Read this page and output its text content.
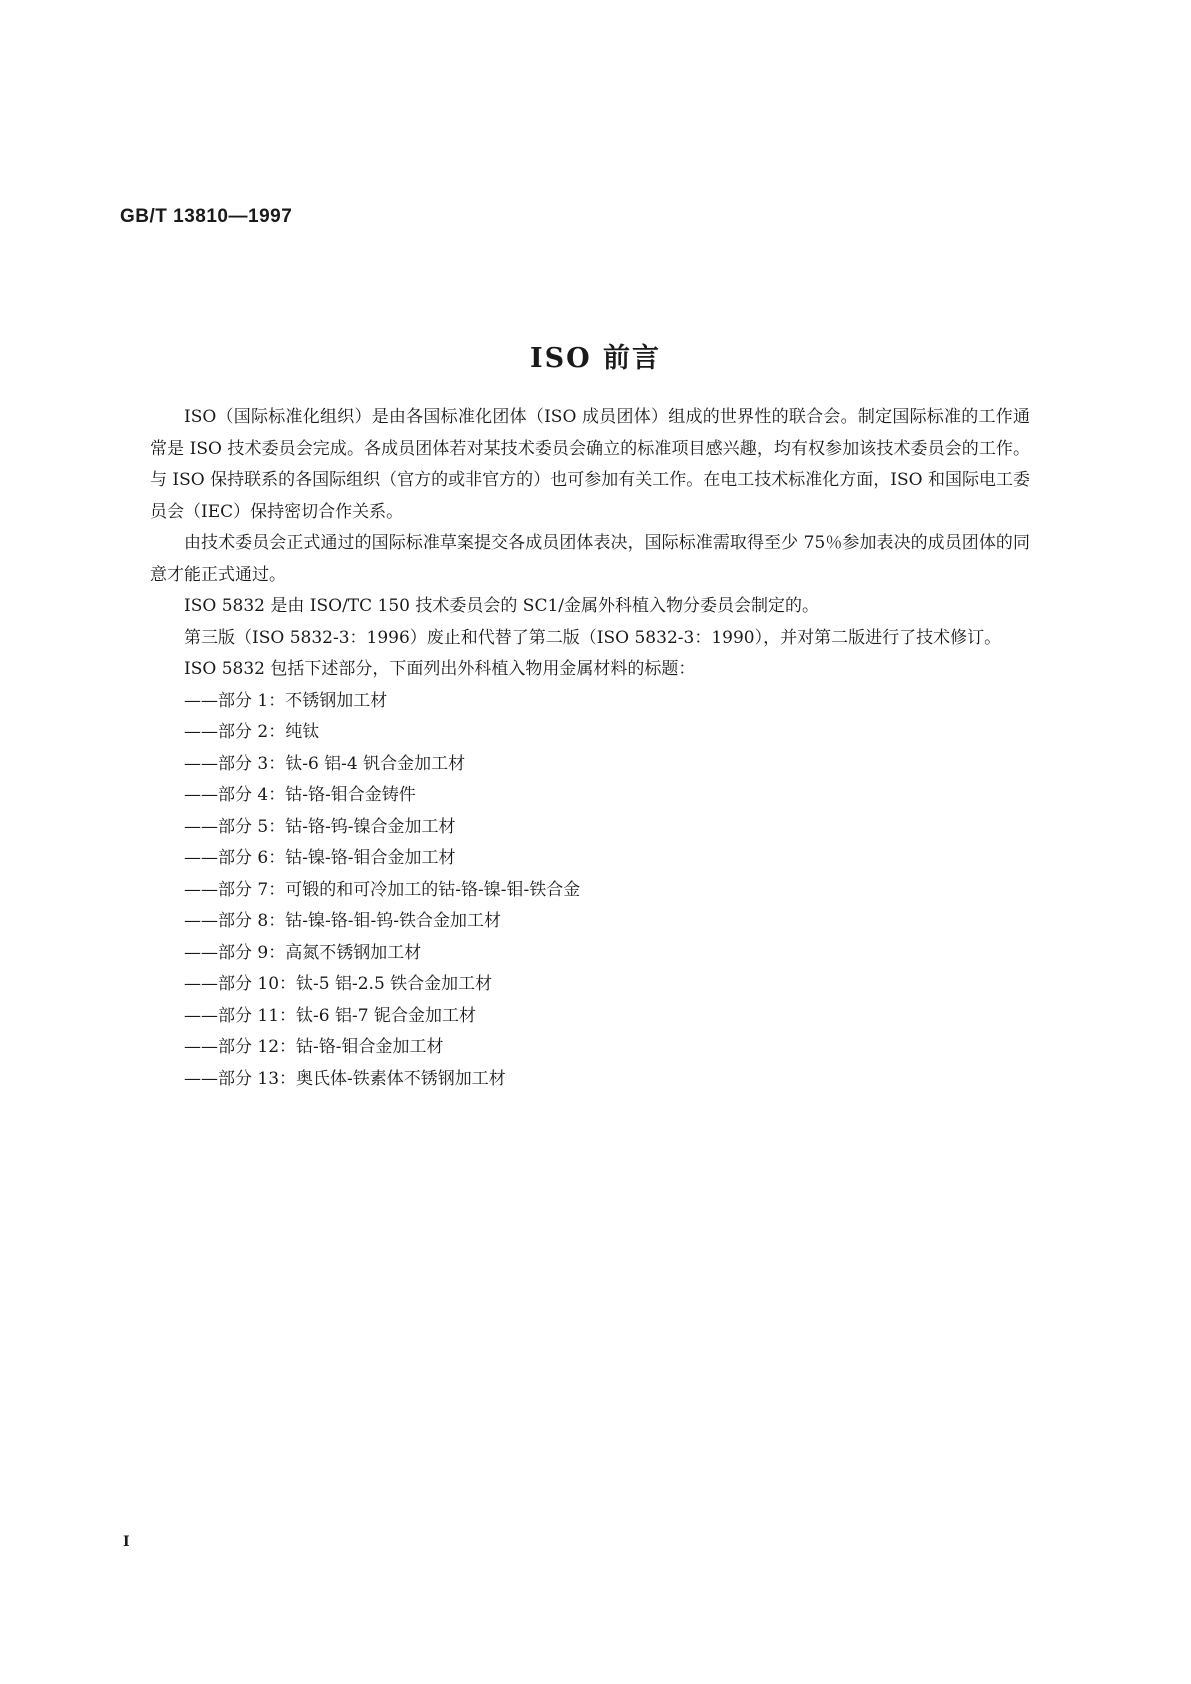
GB/T 13810—1997

ISO 前言

ISO（国际标准化组织）是由各国标准化团体（ISO 成员团体）组成的世界性的联合会。制定国际标准的工作通常是 ISO 技术委员会完成。各成员团体若对某技术委员会确立的标准项目感兴趣，均有权参加该技术委员会的工作。与 ISO 保持联系的各国际组织（官方的或非官方的）也可参加有关工作。在电工技术标准化方面，ISO 和国际电工委员会（IEC）保持密切合作关系。

由技术委员会正式通过的国际标准草案提交各成员团体表决，国际标准需取得至少 75％参加表决的成员团体的同意才能正式通过。

ISO 5832 是由 ISO/TC 150 技术委员会的 SC1/金属外科植入物分委员会制定的。

第三版（ISO 5832-3：1996）废止和代替了第二版（ISO 5832-3：1990），并对第二版进行了技术修订。

ISO 5832 包括下述部分，下面列出外科植入物用金属材料的标题：

——部分 1：不锈钢加工材
——部分 2：纯钛
——部分 3：钛-6 铝-4 钒合金加工材
——部分 4：钴-铬-钼合金铸件
——部分 5：钴-铬-钨-镍合金加工材
——部分 6：钴-镍-铬-钼合金加工材
——部分 7：可锻的和可冷加工的钴-铬-镍-钼-铁合金
——部分 8：钴-镍-铬-钼-钨-铁合金加工材
——部分 9：高氮不锈钢加工材
——部分 10：钛-5 铝-2.5 铁合金加工材
——部分 11：钛-6 铝-7 铌合金加工材
——部分 12：钴-铬-钼合金加工材
——部分 13：奥氏体-铁素体不锈钢加工材

I
